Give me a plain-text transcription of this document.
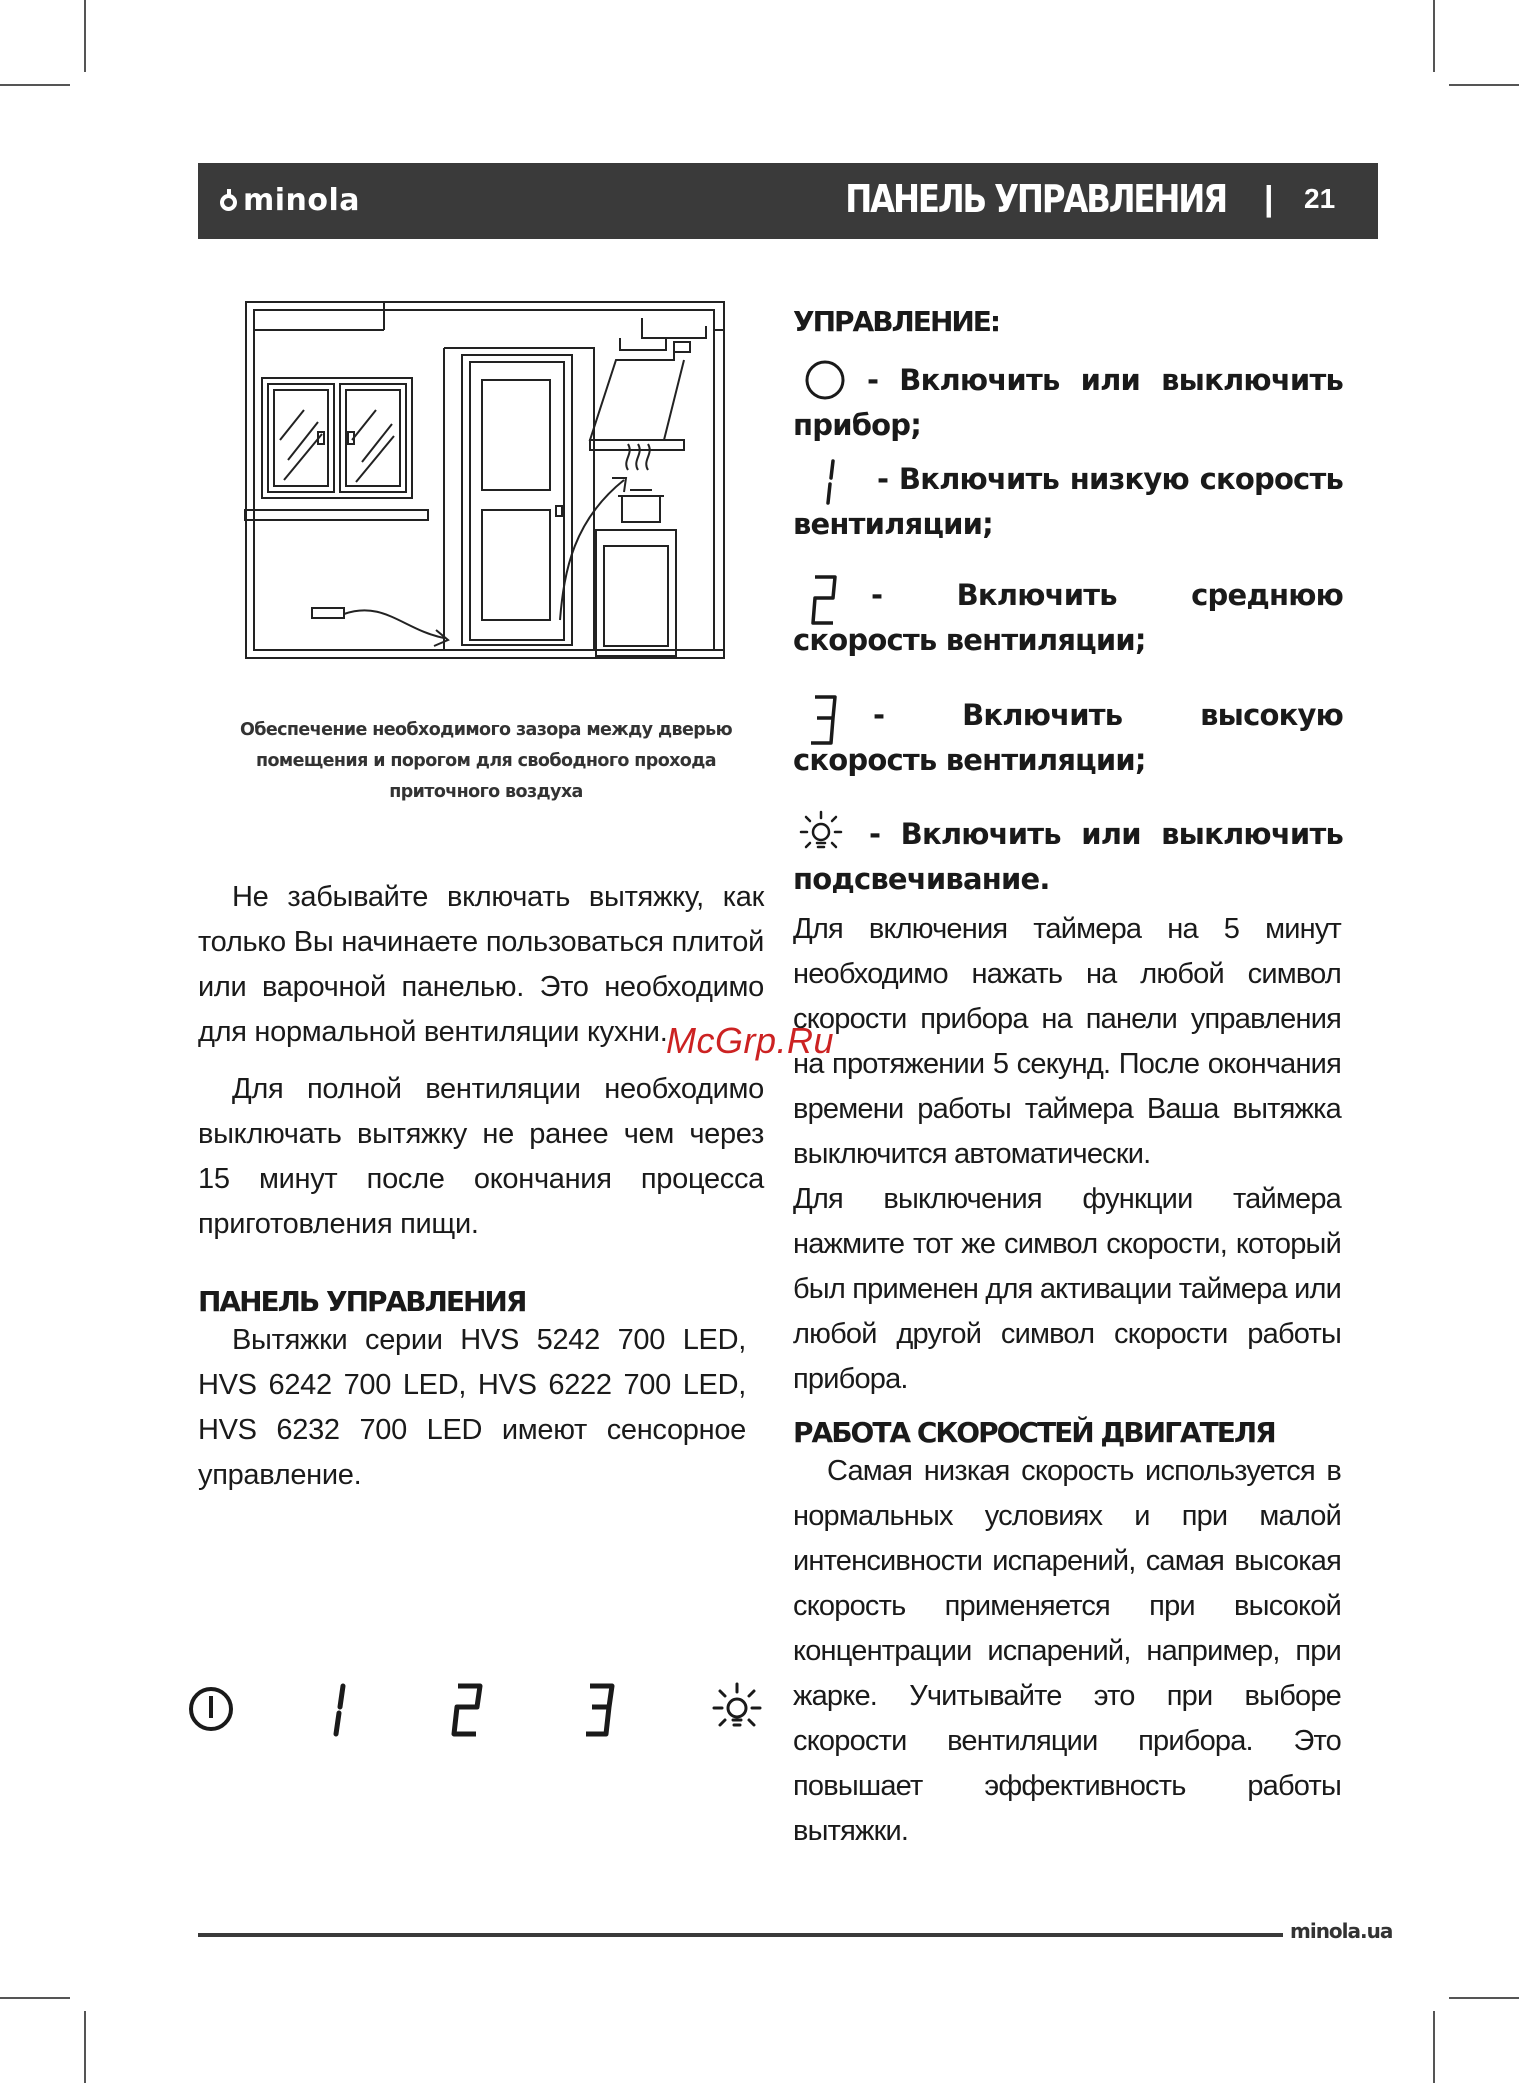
minola	ПАНЕЛЬ УПРАВЛЕНИЯ | 21
Обеспечение необходимого зазора между дверью помещения и порогом для свободного прохода приточного воздуха

Не забывайте включать вытяжку, как только Вы начинаете пользоваться плитой или варочной панелью. Это необходимо для нормальной вентиляции кухни.

Для полной вентиляции необходимо выключать вытяжку не ранее чем через 15 минут после окончания процесса приготовления пищи.

ПАНЕЛЬ УПРАВЛЕНИЯ

Вытяжки серии HVS 5242 700 LED, HVS 6242 700 LED, HVS 6222 700 LED, HVS 6232 700 LED имеют сенсорное управление.

УПРАВЛЕНИЕ:
- Включить или выключить прибор;
- Включить низкую скорость вентиляции;
- Включить среднюю скорость вентиляции;
- Включить высокую скорость вентиляции;
- Включить или выключить подсвечивание.

Для включения таймера на 5 минут необходимо нажать на любой символ скорости прибора на панели управления на протяжении 5 секунд. После окончания времени работы таймера Ваша вытяжка выключится автоматически.

Для выключения функции таймера нажмите тот же символ скорости, который был применен для активации таймера или любой другой символ скорости работы прибора.

РАБОТА СКОРОСТЕЙ ДВИГАТЕЛЯ

Самая низкая скорость используется в нормальных условиях и при малой интенсивности испарений, самая высокая скорость применяется при высокой концентрации испарений, например, при жарке. Учитывайте это при выборе скорости вентиляции прибора. Это повышает эффективность работы вытяжки.

McGrp.Ru
minola.ua
